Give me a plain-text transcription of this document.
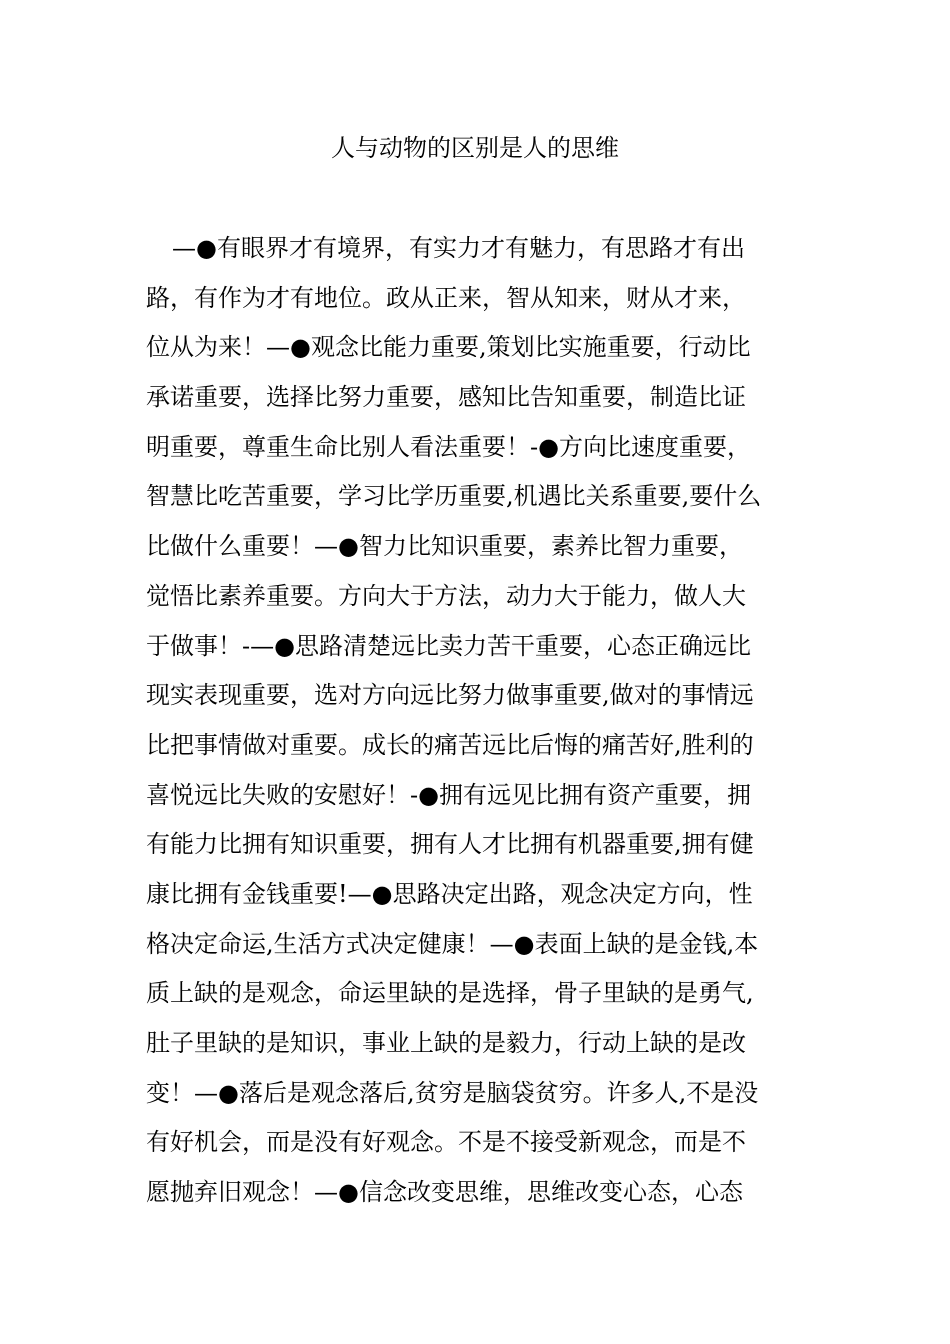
人与动物的区别是人的思维
—●有眼界才有境界，有实力才有魅力，有思路才有出
路，有作为才有地位。政从正来，智从知来，财从才来，
位从为来！—●观念比能力重要,策划比实施重要，行动比
承诺重要，选择比努力重要，感知比告知重要，制造比证
明重要，尊重生命比别人看法重要！-●方向比速度重要，
智慧比吃苦重要，学习比学历重要,机遇比关系重要,要什么
比做什么重要！—●智力比知识重要，素养比智力重要，
觉悟比素养重要。方向大于方法，动力大于能力，做人大
于做事！-—●思路清楚远比卖力苦干重要，心态正确远比
现实表现重要，选对方向远比努力做事重要,做对的事情远
比把事情做对重要。成长的痛苦远比后悔的痛苦好,胜利的
喜悦远比失败的安慰好！-●拥有远见比拥有资产重要，拥
有能力比拥有知识重要，拥有人才比拥有机器重要,拥有健
康比拥有金钱重要!—●思路决定出路，观念决定方向，性
格决定命运,生活方式决定健康！—●表面上缺的是金钱,本
质上缺的是观念，命运里缺的是选择，骨子里缺的是勇气,
肚子里缺的是知识，事业上缺的是毅力，行动上缺的是改
变！—●落后是观念落后,贫穷是脑袋贫穷。许多人,不是没
有好机会，而是没有好观念。不是不接受新观念，而是不
愿抛弃旧观念！—●信念改变思维，思维改变心态，心态
